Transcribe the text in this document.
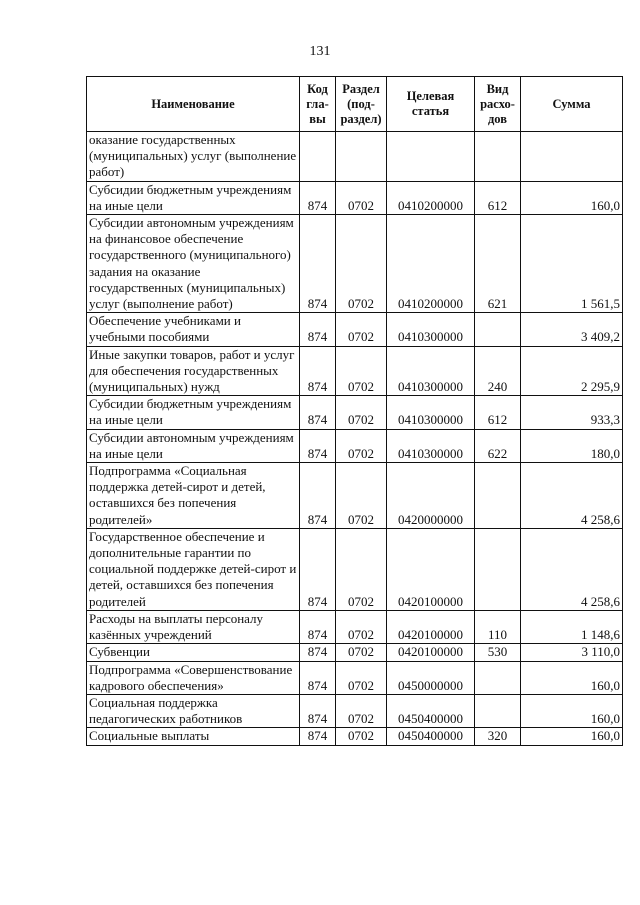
131
Наименование	Код гла-вы	Раздел (под-раздел)	Целевая статья	Вид расхо-дов	Сумма
оказание государственных (муниципальных) услуг (выполнение работ)					
Субсидии бюджетным учреждениям на иные цели	874	0702	0410200000	612	160,0
Субсидии автономным учреждениям на финансовое обеспечение государственного (муниципального) задания на оказание государственных (муниципальных) услуг (выполнение работ)	874	0702	0410200000	621	1 561,5
Обеспечение учебниками и учебными пособиями	874	0702	0410300000		3 409,2
Иные закупки товаров, работ и услуг для обеспечения государственных (муниципальных) нужд	874	0702	0410300000	240	2 295,9
Субсидии бюджетным учреждениям на иные цели	874	0702	0410300000	612	933,3
Субсидии автономным учреждениям на иные цели	874	0702	0410300000	622	180,0
Подпрограмма «Социальная поддержка детей-сирот и детей, оставшихся без попечения родителей»	874	0702	0420000000		4 258,6
Государственное обеспечение и дополнительные гарантии по социальной поддержке детей-сирот и детей, оставшихся без попечения родителей	874	0702	0420100000		4 258,6
Расходы на выплаты персоналу казённых учреждений	874	0702	0420100000	110	1 148,6
Субвенции	874	0702	0420100000	530	3 110,0
Подпрограмма «Совершенствование кадрового обеспечения»	874	0702	0450000000		160,0
Социальная поддержка педагогических работников	874	0702	0450400000		160,0
Социальные выплаты	874	0702	0450400000	320	160,0
